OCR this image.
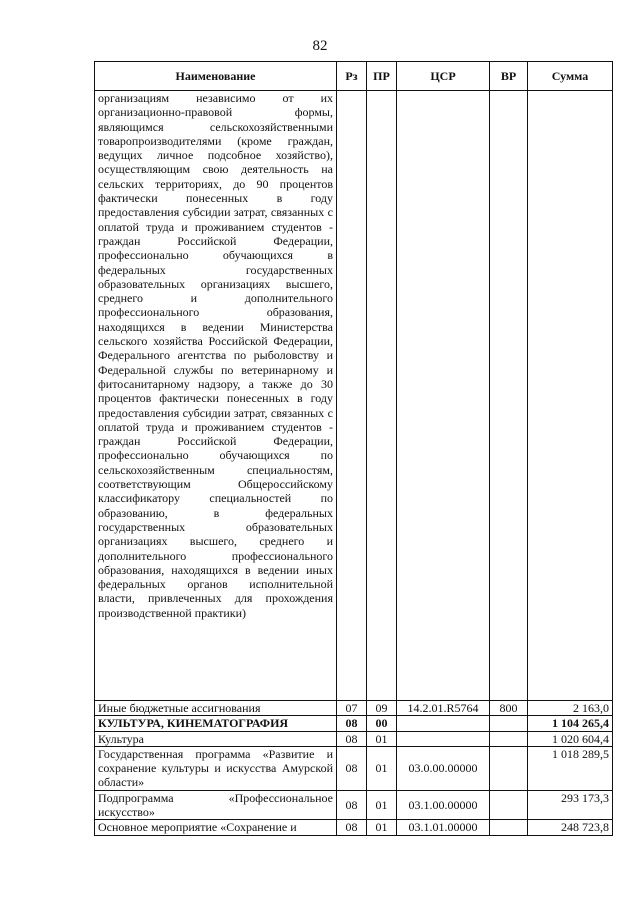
82
Наименование	Рз	ПР	ЦСР	ВР	Сумма
организациям независимо от их организационно-правовой формы, являющимся сельскохозяйственными товаропроизводителями (кроме граждан, ведущих личное подсобное хозяйство), осуществляющим свою деятельность на сельских территориях, до 90 процентов фактически понесенных в году предоставления субсидии затрат, связанных с оплатой труда и проживанием студентов - граждан Российской Федерации, профессионально обучающихся в федеральных государственных образовательных организациях высшего, среднего и дополнительного профессионального образования, находящихся в ведении Министерства сельского хозяйства Российской Федерации, Федерального агентства по рыболовству и Федеральной службы по ветеринарному и фитосанитарному надзору, а также до 30 процентов фактически понесенных в году предоставления субсидии затрат, связанных с оплатой труда и проживанием студентов - граждан Российской Федерации, профессионально обучающихся по сельскохозяйственным специальностям, соответствующим Общероссийскому классификатору специальностей по образованию, в федеральных государственных образовательных организациях высшего, среднего и дополнительного профессионального образования, находящихся в ведении иных федеральных органов исполнительной власти, привлеченных для прохождения производственной практики)					
Иные бюджетные ассигнования	07	09	14.2.01.R5764	800	2 163,0
КУЛЬТУРА, КИНЕМАТОГРАФИЯ	08	00			1 104 265,4
Культура	08	01			1 020 604,4
Государственная программа «Развитие и сохранение культуры и искусства Амурской области»	08	01	03.0.00.00000		1 018 289,5
Подпрограмма «Профессиональное искусство»	08	01	03.1.00.00000		293 173,3
Основное мероприятие «Сохранение и	08	01	03.1.01.00000		248 723,8
